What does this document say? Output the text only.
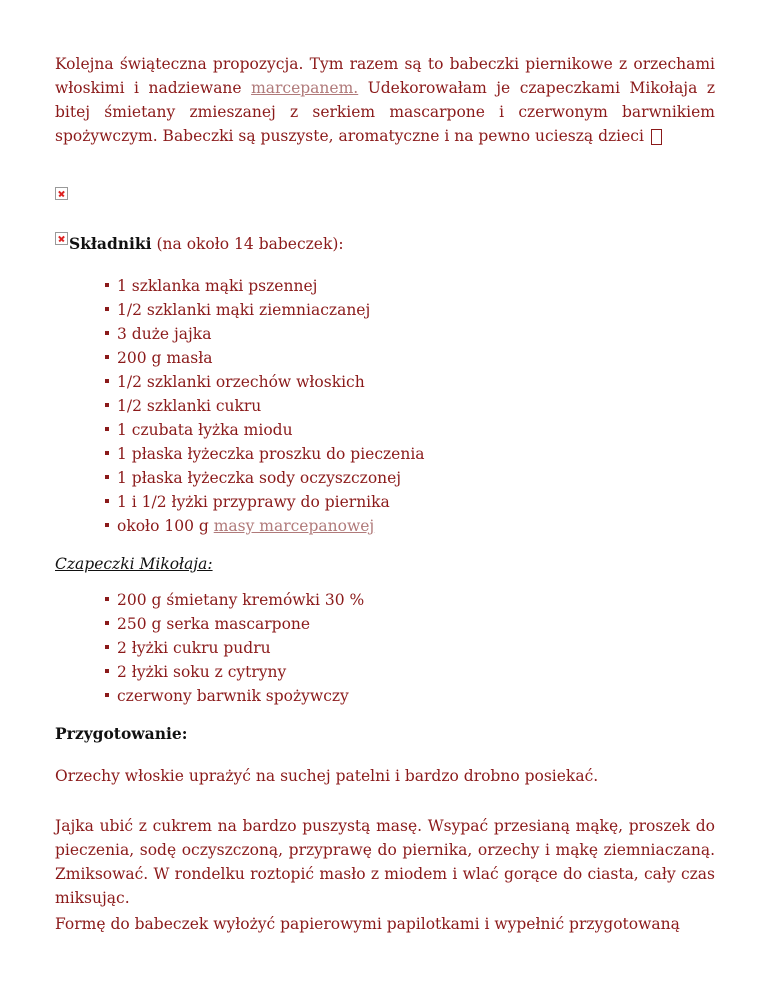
Kolejna świąteczna propozycja. Tym razem są to babeczki piernikowe z orzechami włoskimi i nadziewane marcepanem. Udekorowałam je czapeczkami Mikołaja z bitej śmietany zmieszanej z serkiem mascarpone i czerwonym barwnikiem spożywczym. Babeczki są puszyste, aromatyczne i na pewno ucieszą dzieci

Składniki (na około 14 babeczek):
1 szklanka mąki pszennej
1/2 szklanki mąki ziemniaczanej
3 duże jajka
200 g masła
1/2 szklanki orzechów włoskich
1/2 szklanki cukru
1 czubata łyżka miodu
1 płaska łyżeczka proszku do pieczenia
1 płaska łyżeczka sody oczyszczonej
1 i 1/2 łyżki przyprawy do piernika
około 100 g masy marcepanowej
Czapeczki Mikołaja:
200 g śmietany kremówki 30 %
250 g serka mascarpone
2 łyżki cukru pudru
2 łyżki soku z cytryny
czerwony barwnik spożywczy
Przygotowanie:

Orzechy włoskie uprażyć na suchej patelni i bardzo drobno posiekać.

Jajka ubić z cukrem na bardzo puszystą masę. Wsypać przesianą mąkę, proszek do pieczenia, sodę oczyszczoną, przyprawę do piernika, orzechy i mąkę ziemniaczaną. Zmiksować. W rondelku roztopić masło z miodem i wlać gorące do ciasta, cały czas miksując.

Formę do babeczek wyłożyć papierowymi papilotkami i wypełnić przygotowaną
